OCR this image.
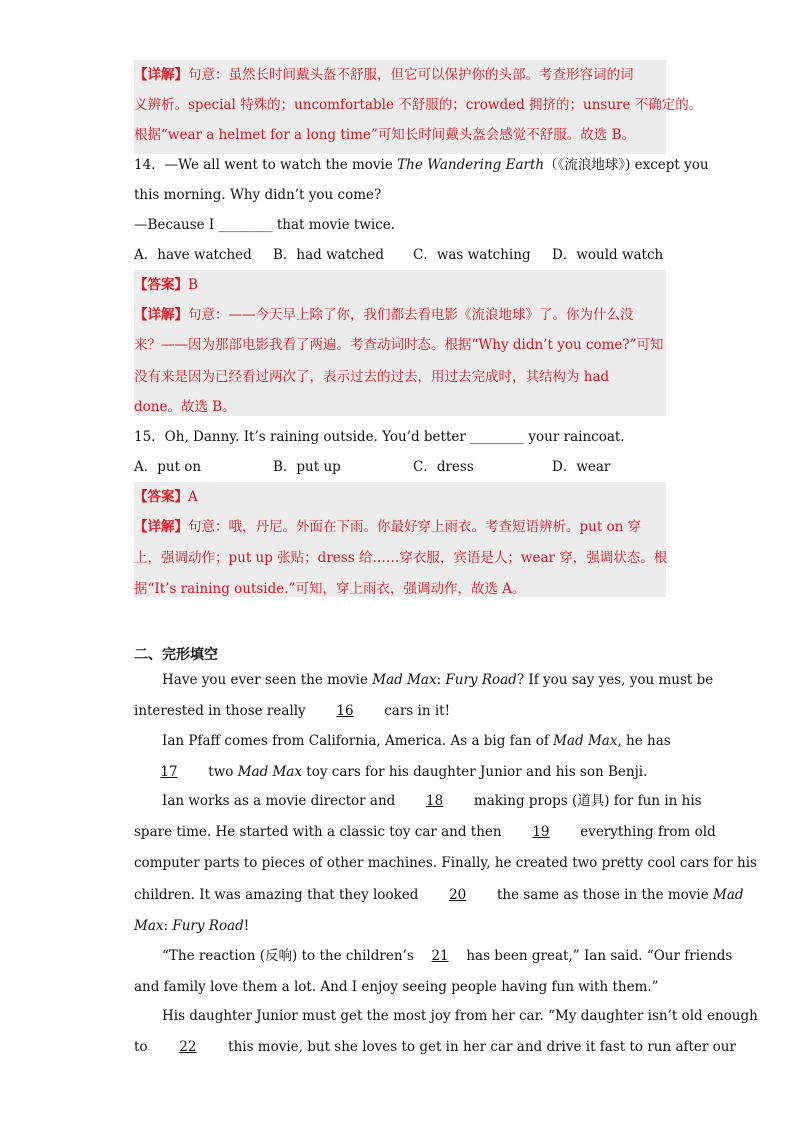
【详解】句意：虽然长时间戴头盔不舒服，但它可以保护你的头部。考查形容词的词
义辨析。special 特殊的；uncomfortable 不舒服的；crowded 拥挤的；unsure 不确定的。
根据“wear a helmet for a long time”可知长时间戴头盔会感觉不舒服。故选 B。
14．—We all went to watch the movie The Wandering Earth（《流浪地球》) except you
this morning. Why didn’t you come?
—Because I ________ that movie twice.
A．have watched B．had watched C．was watching D．would watch
【答案】B
【详解】句意：——今天早上除了你，我们都去看电影《流浪地球》了。你为什么没
来？——因为那部电影我看了两遍。考查动词时态。根据“Why didn’t you come?”可知
没有来是因为已经看过两次了，表示过去的过去，用过去完成时，其结构为 had
done。故选 B。
15．Oh, Danny. It’s raining outside. You’d better ________ your raincoat.
A．put on	B．put up	C．dress	D．wear
【答案】A
【详解】句意：哦，丹尼。外面在下雨。你最好穿上雨衣。考查短语辨析。put on 穿
上，强调动作；put up 张贴；dress 给……穿衣服，宾语是人；wear 穿，强调状态。根
据“It’s raining outside.”可知，穿上雨衣，强调动作，故选 A。
二、完形填空
Have you ever seen the movie Mad Max: Fury Road? If you say yes, you must be
interested in those really 16 cars in it!
Ian Pfaff comes from California, America. As a big fan of Mad Max, he has
17 two Mad Max toy cars for his daughter Junior and his son Benji.
Ian works as a movie director and 18 making props (道具) for fun in his
spare time. He started with a classic toy car and then 19 everything from old
computer parts to pieces of other machines. Finally, he created two pretty cool cars for his
children. It was amazing that they looked 20 the same as those in the movie Mad
Max: Fury Road!
“The reaction (反响) to the children’s 21 has been great,” Ian said. “Our friends
and family love them a lot. And I enjoy seeing people having fun with them.”
His daughter Junior must get the most joy from her car. “My daughter isn’t old enough
to 22 this movie, but she loves to get in her car and drive it fast to run after our
